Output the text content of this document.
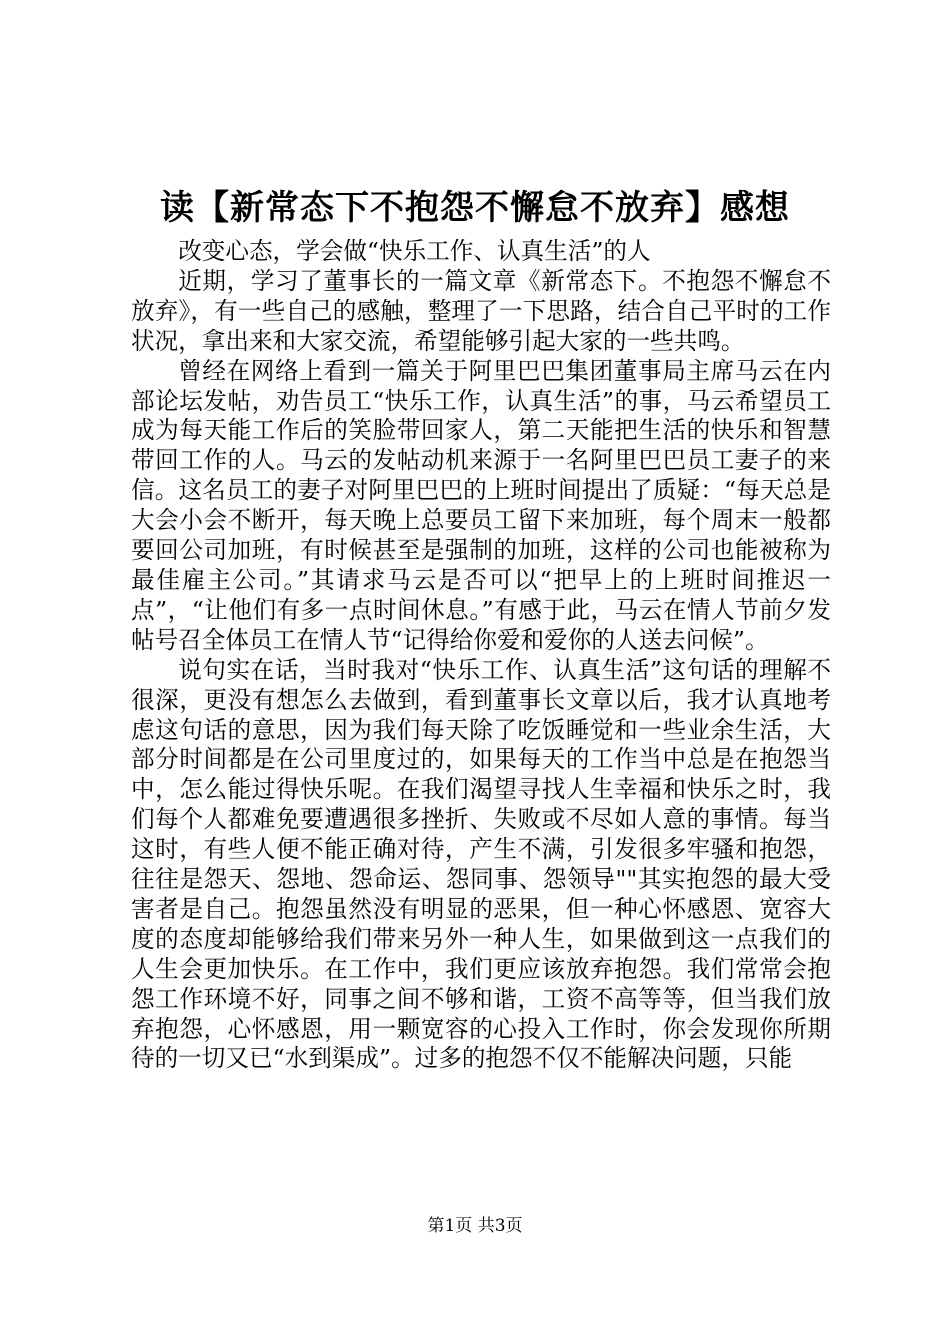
读【新常态下不抱怨不懈怠不放弃】感想

改变心态，学会做“快乐工作、认真生活”的人

近期，学习了董事长的一篇文章《新常态下。不抱怨不懈怠不放弃》，有一些自己的感触，整理了一下思路，结合自己平时的工作状况，拿出来和大家交流，希望能够引起大家的一些共鸣。

曾经在网络上看到一篇关于阿里巴巴集团董事局主席马云在内部论坛发帖，劝告员工“快乐工作，认真生活”的事，马云希望员工成为每天能工作后的笑脸带回家人，第二天能把生活的快乐和智慧带回工作的人。马云的发帖动机来源于一名阿里巴巴员工妻子的来信。这名员工的妻子对阿里巴巴的上班时间提出了质疑：“每天总是大会小会不断开，每天晚上总要员工留下来加班，每个周末一般都要回公司加班，有时候甚至是强制的加班，这样的公司也能被称为最佳雇主公司。”其请求马云是否可以“把早上的上班时间推迟一点”，“让他们有多一点时间休息。”有感于此，马云在情人节前夕发帖号召全体员工在情人节“记得给你爱和爱你的人送去问候”。

说句实在话，当时我对“快乐工作、认真生活”这句话的理解不很深，更没有想怎么去做到，看到董事长文章以后，我才认真地考虑这句话的意思，因为我们每天除了吃饭睡觉和一些业余生活，大部分时间都是在公司里度过的，如果每天的工作当中总是在抱怨当中，怎么能过得快乐呢。在我们渴望寻找人生幸福和快乐之时，我们每个人都难免要遭遇很多挫折、失败或不尽如人意的事情。每当这时，有些人便不能正确对待，产生不满，引发很多牢骚和抱怨，往往是怨天、怨地、怨命运、怨同事、怨领导""其实抱怨的最大受害者是自己。抱怨虽然没有明显的恶果，但一种心怀感恩、宽容大度的态度却能够给我们带来另外一种人生，如果做到这一点我们的人生会更加快乐。在工作中，我们更应该放弃抱怨。我们常常会抱怨工作环境不好，同事之间不够和谐，工资不高等等，但当我们放弃抱怨，心怀感恩，用一颗宽容的心投入工作时，你会发现你所期待的一切又已“水到渠成”。过多的抱怨不仅不能解决问题，只能

第1页 共3页
